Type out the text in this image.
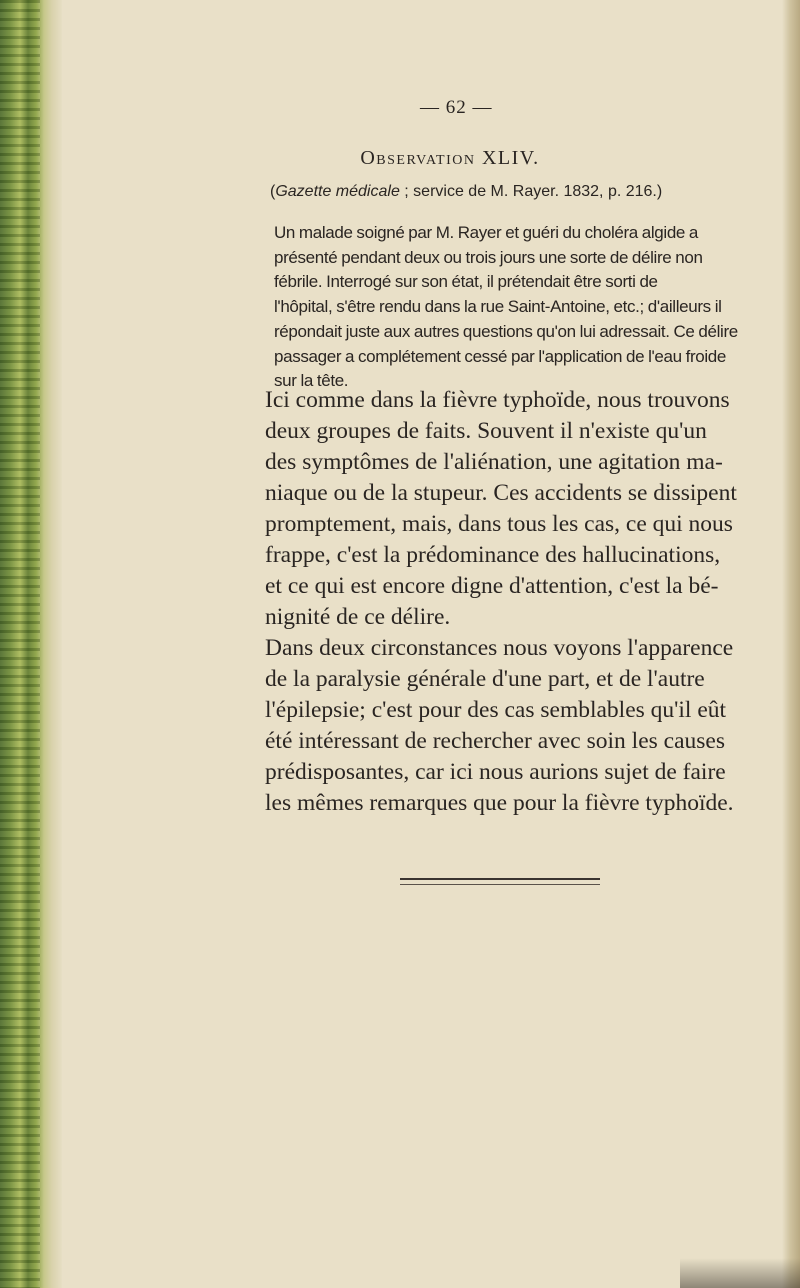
— 62 —
Observation XLIV.
(Gazette médicale ; service de M. Rayer. 1832, p. 216.)
Un malade soigné par M. Rayer et guéri du choléra algide a
présenté pendant deux ou trois jours une sorte de délire non
fébrile. Interrogé sur son état, il prétendait être sorti de
l'hôpital, s'être rendu dans la rue Saint-Antoine, etc.; d'ailleurs il
répondait juste aux autres questions qu'on lui adressait. Ce délire
passager a complétement cessé par l'application de l'eau froide
sur la tête.
Ici comme dans la fièvre typhoïde, nous trouvons
deux groupes de faits. Souvent il n'existe qu'un
des symptômes de l'aliénation, une agitation ma-
niaque ou de la stupeur. Ces accidents se dissipent
promptement, mais, dans tous les cas, ce qui nous
frappe, c'est la prédominance des hallucinations,
et ce qui est encore digne d'attention, c'est la bé-
nignité de ce délire.
Dans deux circonstances nous voyons l'apparence
de la paralysie générale d'une part, et de l'autre
l'épilepsie; c'est pour des cas semblables qu'il eût
été intéressant de rechercher avec soin les causes
prédisposantes, car ici nous aurions sujet de faire
les mêmes remarques que pour la fièvre typhoïde.
